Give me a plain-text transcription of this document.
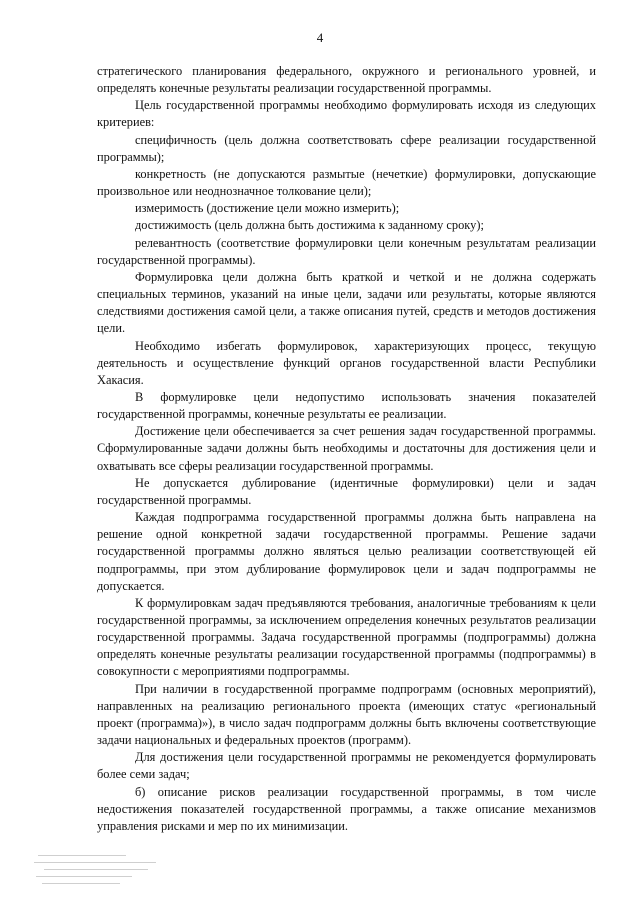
4

стратегического планирования федерального, окружного и регионального уровней, и определять конечные результаты реализации государственной программы.

Цель государственной программы необходимо формулировать исходя из следующих критериев:

специфичность (цель должна соответствовать сфере реализации государственной программы);

конкретность (не допускаются размытые (нечеткие) формулировки, допускающие произвольное или неоднозначное толкование цели);

измеримость (достижение цели можно измерить);

достижимость (цель должна быть достижима к заданному сроку);

релевантность (соответствие формулировки цели конечным результатам реализации государственной программы).

Формулировка цели должна быть краткой и четкой и не должна содержать специальных терминов, указаний на иные цели, задачи или результаты, которые являются следствиями достижения самой цели, а также описания путей, средств и методов достижения цели.

Необходимо избегать формулировок, характеризующих процесс, текущую деятельность и осуществление функций органов государственной власти Республики Хакасия.

В формулировке цели недопустимо использовать значения показателей государственной программы, конечные результаты ее реализации.

Достижение цели обеспечивается за счет решения задач государственной программы. Сформулированные задачи должны быть необходимы и достаточны для достижения цели и охватывать все сферы реализации государственной программы.

Не допускается дублирование (идентичные формулировки) цели и задач государственной программы.

Каждая подпрограмма государственной программы должна быть направлена на решение одной конкретной задачи государственной программы. Решение задачи государственной программы должно являться целью реализации соответствующей ей подпрограммы, при этом дублирование формулировок цели и задач подпрограммы не допускается.

К формулировкам задач предъявляются требования, аналогичные требованиям к цели государственной программы, за исключением определения конечных результатов реализации государственной программы. Задача государственной программы (подпрограммы) должна определять конечные результаты реализации государственной программы (подпрограммы) в совокупности с мероприятиями подпрограммы.

При наличии в государственной программе подпрограмм (основных мероприятий), направленных на реализацию регионального проекта (имеющих статус «региональный проект (программа)»), в число задач подпрограмм должны быть включены соответствующие задачи национальных и федеральных проектов (программ).

Для достижения цели государственной программы не рекомендуется формулировать более семи задач;

б) описание рисков реализации государственной программы, в том числе недостижения показателей государственной программы, а также описание механизмов управления рисками и мер по их минимизации.
